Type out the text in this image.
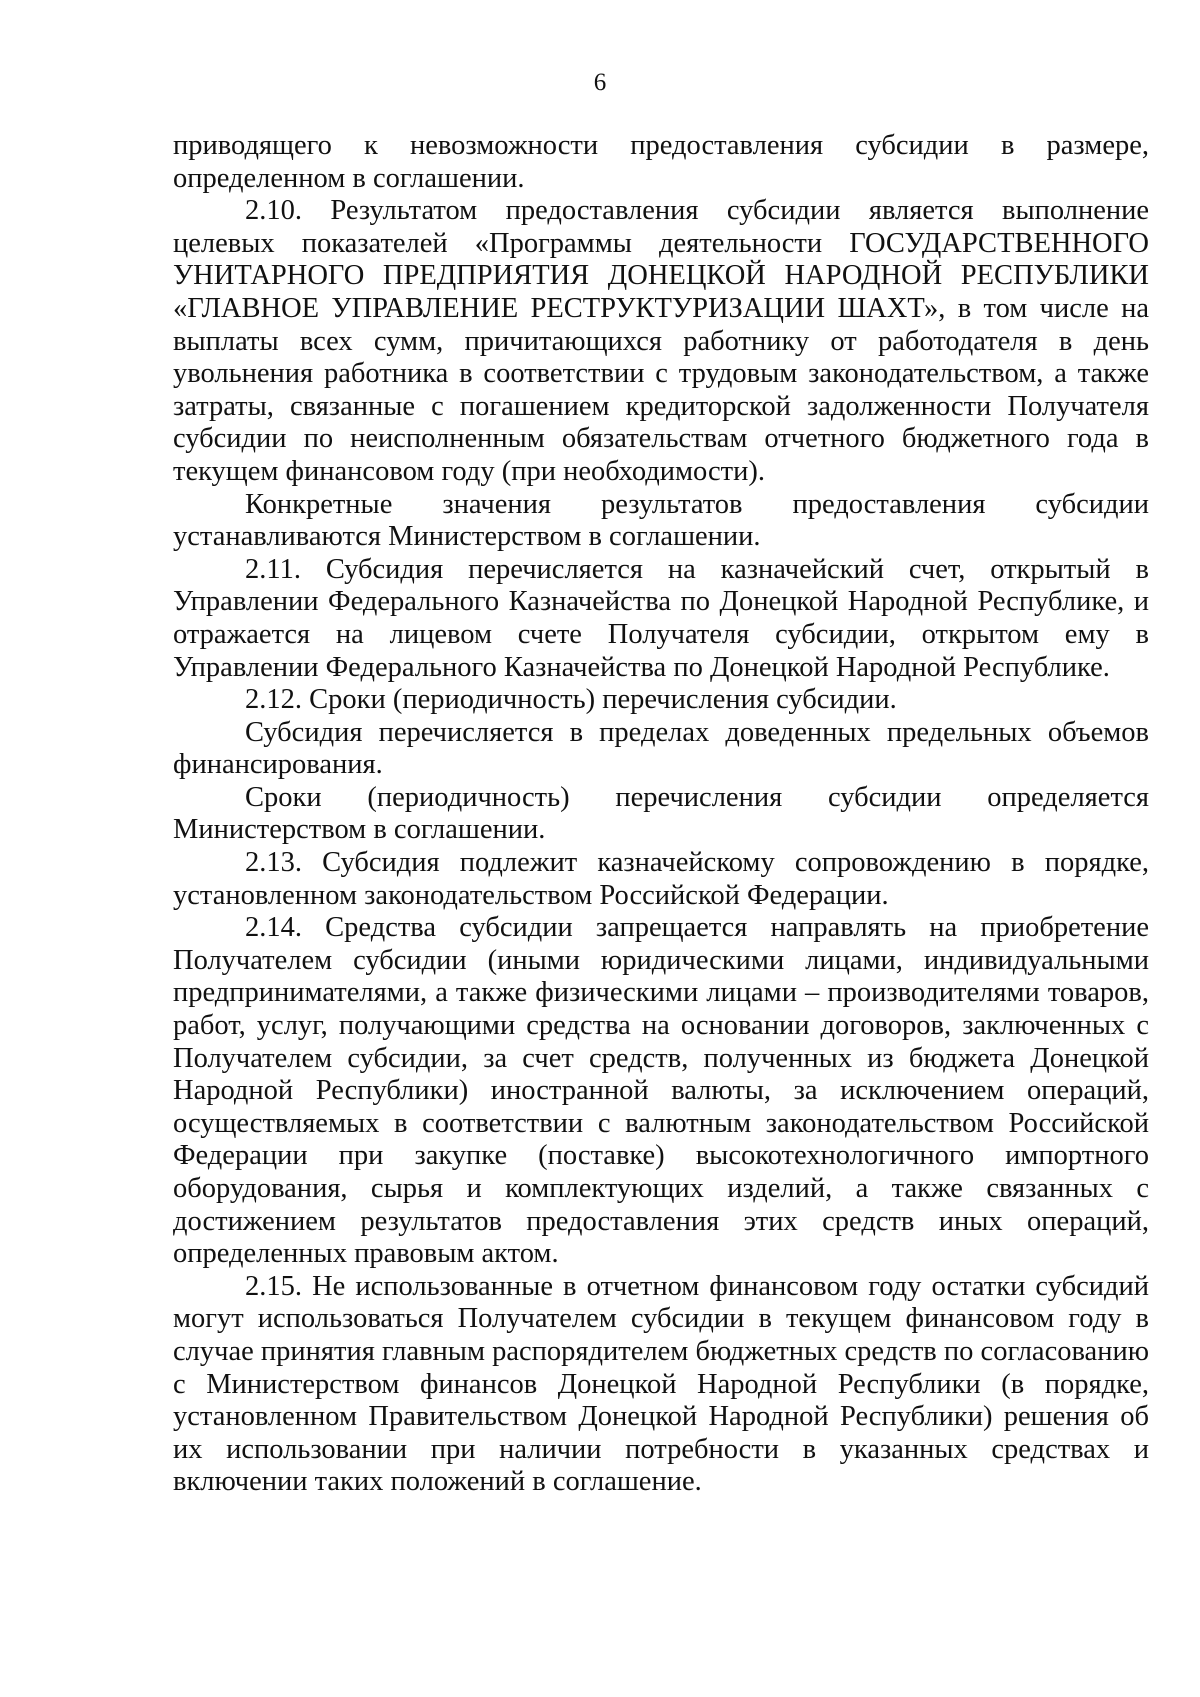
6

приводящего к невозможности предоставления субсидии в размере, определенном в соглашении.

2.10. Результатом предоставления субсидии является выполнение целевых показателей «Программы деятельности ГОСУДАРСТВЕННОГО УНИТАРНОГО ПРЕДПРИЯТИЯ ДОНЕЦКОЙ НАРОДНОЙ РЕСПУБЛИКИ «ГЛАВНОЕ УПРАВЛЕНИЕ РЕСТРУКТУРИЗАЦИИ ШАХТ», в том числе на выплаты всех сумм, причитающихся работнику от работодателя в день увольнения работника в соответствии с трудовым законодательством, а также затраты, связанные с погашением кредиторской задолженности Получателя субсидии по неисполненным обязательствам отчетного бюджетного года в текущем финансовом году (при необходимости).

Конкретные значения результатов предоставления субсидии устанавливаются Министерством в соглашении.

2.11. Субсидия перечисляется на казначейский счет, открытый в Управлении Федерального Казначейства по Донецкой Народной Республике, и отражается на лицевом счете Получателя субсидии, открытом ему в Управлении Федерального Казначейства по Донецкой Народной Республике.

2.12. Сроки (периодичность) перечисления субсидии.

Субсидия перечисляется в пределах доведенных предельных объемов финансирования.

Сроки (периодичность) перечисления субсидии определяется Министерством в соглашении.

2.13. Субсидия подлежит казначейскому сопровождению в порядке, установленном законодательством Российской Федерации.

2.14. Средства субсидии запрещается направлять на приобретение Получателем субсидии (иными юридическими лицами, индивидуальными предпринимателями, а также физическими лицами – производителями товаров, работ, услуг, получающими средства на основании договоров, заключенных с Получателем субсидии, за счет средств, полученных из бюджета Донецкой Народной Республики) иностранной валюты, за исключением операций, осуществляемых в соответствии с валютным законодательством Российской Федерации при закупке (поставке) высокотехнологичного импортного оборудования, сырья и комплектующих изделий, а также связанных с достижением результатов предоставления этих средств иных операций, определенных правовым актом.

2.15. Не использованные в отчетном финансовом году остатки субсидий могут использоваться Получателем субсидии в текущем финансовом году в случае принятия главным распорядителем бюджетных средств по согласованию с Министерством финансов Донецкой Народной Республики (в порядке, установленном Правительством Донецкой Народной Республики) решения об их использовании при наличии потребности в указанных средствах и включении таких положений в соглашение.
